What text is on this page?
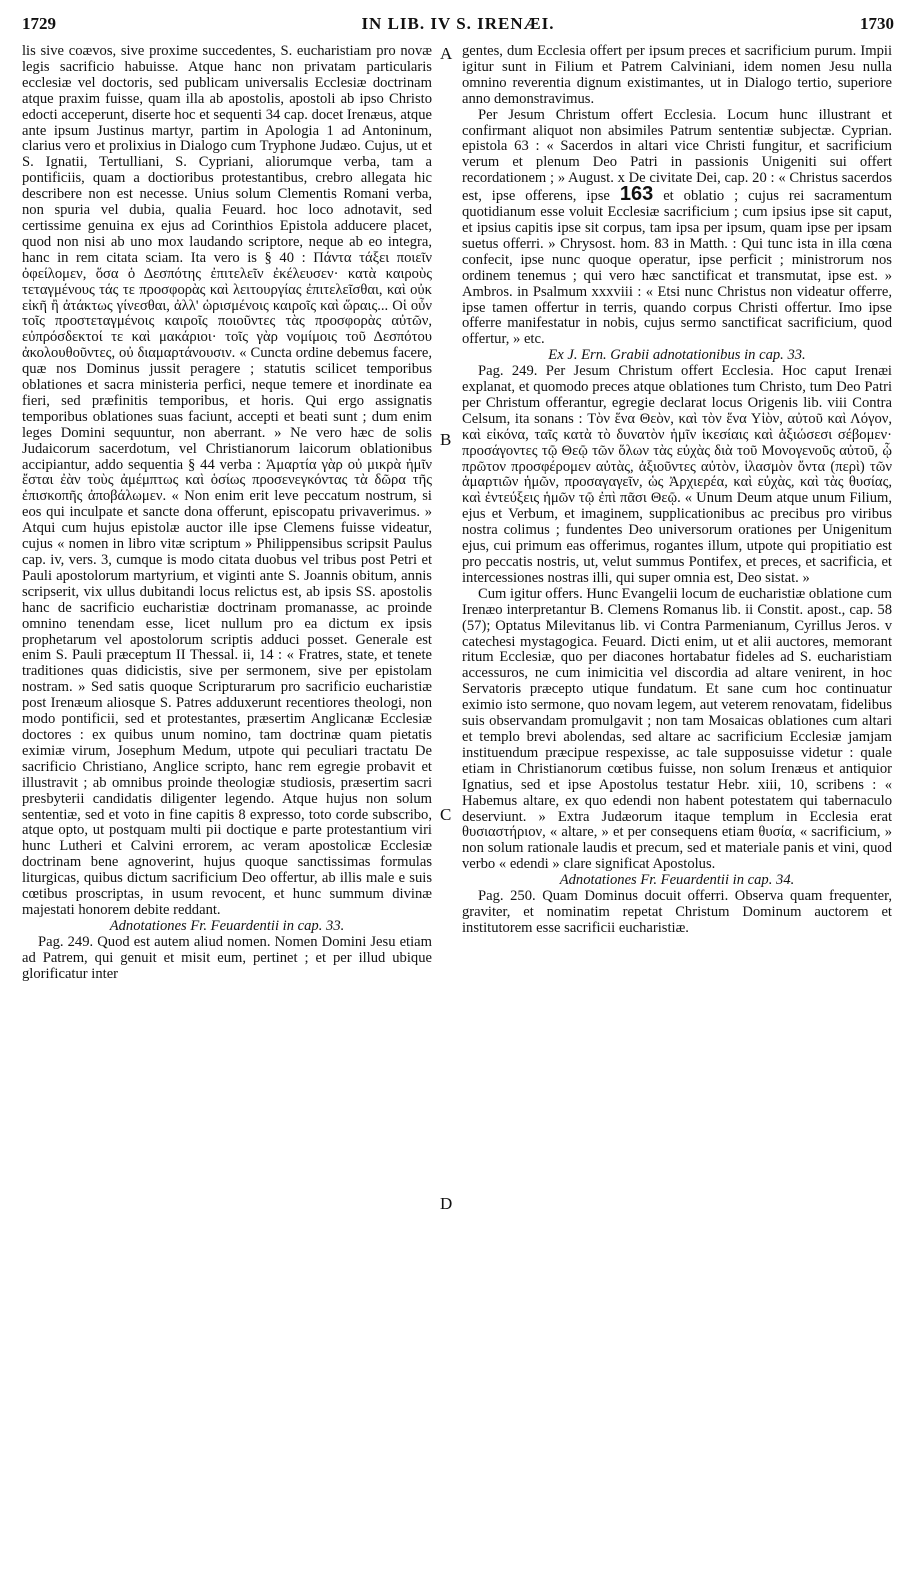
1729	IN LIB. IV S. IRENÆI.	1730
A
B
C
D

lis sive coævos, sive proxime succedentes, S. eucharistiam pro novæ legis sacrificio habuisse. Atque hanc non privatam particularis ecclesiæ vel doctoris, sed publicam universalis Ecclesiæ doctrinam atque praxim fuisse, quam illa ab apostolis, apostoli ab ipso Christo edocti acceperunt, diserte hoc et sequenti 34 cap. docet Irenæus, atque ante ipsum Justinus martyr, partim in Apologia 1 ad Antoninum, clarius vero et prolixius in Dialogo cum Tryphone Judæo. Cujus, ut et S. Ignatii, Tertulliani, S. Cypriani, aliorumque verba, tam a pontificiis, quam a doctioribus protestantibus, crebro allegata hic describere non est necesse. Unius solum Clementis Romani verba, non spuria vel dubia, qualia Feuard. hoc loco adnotavit, sed certissime genuina ex ejus ad Corinthios Epistola adducere placet, quod non nisi ab uno mox laudando scriptore, neque ab eo integra, hanc in rem citata sciam. Ita vero is § 40 : Πάντα τάξει ποιεῖν ὀφείλομεν, ὅσα ὁ Δεσπότης ἐπιτελεῖν ἐκέλευσεν· κατὰ καιροὺς τεταγμένους τάς τε προσφορὰς καὶ λειτουργίας ἐπιτελεῖσθαι, καὶ οὐκ εἰκῆ ἢ ἀτάκτως γίνεσθαι, ἀλλ' ὡρισμένοις καιροῖς καὶ ὥραις... Οἱ οὖν τοῖς προστεταγμένοις καιροῖς ποιοῦντες τὰς προσφορὰς αὐτῶν, εὐπρόσδεκτοί τε καὶ μακάριοι· τοῖς γὰρ νομίμοις τοῦ Δεσπότου ἀκολουθοῦντες, οὐ διαμαρτάνουσιν. « Cuncta ordine debemus facere, quæ nos Dominus jussit peragere ; statutis scilicet temporibus oblationes et sacra ministeria perfici, neque temere et inordinate ea fieri, sed præfinitis temporibus, et horis. Qui ergo assignatis temporibus oblationes suas faciunt, accepti et beati sunt ; dum enim leges Domini sequuntur, non aberrant. » Ne vero hæc de solis Judaicorum sacerdotum, vel Christianorum laicorum oblationibus accipiantur, addo sequentia § 44 verba : Ἁμαρτία γὰρ οὐ μικρὰ ἡμῖν ἔσται ἐὰν τοὺς ἀμέμπτως καὶ ὁσίως προσενεγκόντας τὰ δῶρα τῆς ἐπισκοπῆς ἀποβάλωμεν. « Non enim erit leve peccatum nostrum, si eos qui inculpate et sancte dona offerunt, episcopatu privaverimus. » Atqui cum hujus epistolæ auctor ille ipse Clemens fuisse videatur, cujus « nomen in libro vitæ scriptum » Philippensibus scripsit Paulus cap. iv, vers. 3, cumque is modo citata duobus vel tribus post Petri et Pauli apostolorum martyrium, et viginti ante S. Joannis obitum, annis scripserit, vix ullus dubitandi locus relictus est, ab ipsis SS. apostolis hanc de sacrificio eucharistiæ doctrinam promanasse, ac proinde omnino tenendam esse, licet nullum pro ea dictum ex ipsis prophetarum vel apostolorum scriptis adduci posset. Generale est enim S. Pauli præceptum II Thessal. ii, 14 : « Fratres, state, et tenete traditiones quas didicistis, sive per sermonem, sive per epistolam nostram. » Sed satis quoque Scripturarum pro sacrificio eucharistiæ post Irenæum aliosque S. Patres adduxerunt recentiores theologi, non modo pontificii, sed et protestantes, præsertim Anglicanæ Ecclesiæ doctores : ex quibus unum nomino, tam doctrinæ quam pietatis eximiæ virum, Josephum Medum, utpote qui peculiari tractatu De sacrificio Christiano, Anglice scripto, hanc rem egregie probavit et illustravit ; ab omnibus proinde theologiæ studiosis, præsertim sacri presbyterii candidatis diligenter legendo. Atque hujus non solum sententiæ, sed et voto in fine capitis 8 expresso, toto corde subscribo, atque opto, ut postquam multi pii doctique e parte protestantium viri hunc Lutheri et Calvini errorem, ac veram apostolicæ Ecclesiæ doctrinam bene agnoverint, hujus quoque sanctissimas formulas liturgicas, quibus dictum sacrificium Deo offertur, ab illis male e suis cœtibus proscriptas, in usum revocent, et hunc summum divinæ majestati honorem debite reddant.

Adnotationes Fr. Feuardentii in cap. 33.

Pag. 249. Quod est autem aliud nomen. Nomen Domini Jesu etiam ad Patrem, qui genuit et misit eum, pertinet ; et per illud ubique glorificatur inter

gentes, dum Ecclesia offert per ipsum preces et sacrificium purum. Impii igitur sunt in Filium et Patrem Calviniani, idem nomen Jesu nulla omnino reverentia dignum existimantes, ut in Dialogo tertio, superiore anno demonstravimus.

Per Jesum Christum offert Ecclesia. Locum hunc illustrant et confirmant aliquot non absimiles Patrum sententiæ subjectæ. Cyprian. epistola 63 : « Sacerdos in altari vice Christi fungitur, et sacrificium verum et plenum Deo Patri in passionis Unigeniti sui offert recordationem ; » August. x De civitate Dei, cap. 20 : « Christus sacerdos est, ipse offerens, ipse 163 et oblatio ; cujus rei sacramentum quotidianum esse voluit Ecclesiæ sacrificium ; cum ipsius ipse sit caput, et ipsius capitis ipse sit corpus, tam ipsa per ipsum, quam ipse per ipsam suetus offerri. » Chrysost. hom. 83 in Matth. : Qui tunc ista in illa cœna confecit, ipse nunc quoque operatur, ipse perficit ; ministrorum nos ordinem tenemus ; qui vero hæc sanctificat et transmutat, ipse est. » Ambros. in Psalmum xxxviii : « Etsi nunc Christus non videatur offerre, ipse tamen offertur in terris, quando corpus Christi offertur. Imo ipse offerre manifestatur in nobis, cujus sermo sanctificat sacrificium, quod offertur, » etc.

Ex J. Ern. Grabii adnotationibus in cap. 33.

Pag. 249. Per Jesum Christum offert Ecclesia. Hoc caput Irenæi explanat, et quomodo preces atque oblationes tum Christo, tum Deo Patri per Christum offerantur, egregie declarat locus Origenis lib. viii Contra Celsum, ita sonans : Τὸν ἕνα Θεὸν, καὶ τὸν ἕνα Υἱὸν, αὐτοῦ καὶ Λόγον, καὶ εἰκόνα, ταῖς κατὰ τὸ δυνατὸν ἡμῖν ἱκεσίαις καὶ ἀξιώσεσι σέβομεν· προσάγοντες τῷ Θεῷ τῶν ὅλων τὰς εὐχὰς διὰ τοῦ Μονογενοῦς αὐτοῦ, ᾧ πρῶτον προσφέρομεν αὐτὰς, ἀξιοῦντες αὐτὸν, ἱλασμὸν ὄντα (περὶ) τῶν ἁμαρτιῶν ἡμῶν, προσαγαγεῖν, ὡς Ἀρχιερέα, καὶ εὐχὰς, καὶ τὰς θυσίας, καὶ ἐντεύξεις ἡμῶν τῷ ἐπὶ πᾶσι Θεῷ. « Unum Deum atque unum Filium, ejus et Verbum, et imaginem, supplicationibus ac precibus pro viribus nostra colimus ; fundentes Deo universorum orationes per Unigenitum ejus, cui primum eas offerimus, rogantes illum, utpote qui propitiatio est pro peccatis nostris, ut, velut summus Pontifex, et preces, et sacrificia, et intercessiones nostras illi, qui super omnia est, Deo sistat. »

Cum igitur offers. Hunc Evangelii locum de eucharistiæ oblatione cum Irenæo interpretantur B. Clemens Romanus lib. ii Constit. apost., cap. 58 (57); Optatus Milevitanus lib. vi Contra Parmenianum, Cyrillus Jeros. v catechesi mystagogica. Feuard. Dicti enim, ut et alii auctores, memorant ritum Ecclesiæ, quo per diacones hortabatur fideles ad S. eucharistiam accessuros, ne cum inimicitia vel discordia ad altare venirent, in hoc Servatoris præcepto utique fundatum. Et sane cum hoc continuatur eximio isto sermone, quo novam legem, aut veterem renovatam, fidelibus suis observandam promulgavit ; non tam Mosaicas oblationes cum altari et templo brevi abolendas, sed altare ac sacrificium Ecclesiæ jamjam instituendum præcipue respexisse, ac tale supposuisse videtur : quale etiam in Christianorum cœtibus fuisse, non solum Irenæus et antiquior Ignatius, sed et ipse Apostolus testatur Hebr. xiii, 10, scribens : « Habemus altare, ex quo edendi non habent potestatem qui tabernaculo deserviunt. » Extra Judæorum itaque templum in Ecclesia erat θυσιαστήριον, « altare, » et per consequens etiam θυσία, « sacrificium, » non solum rationale laudis et precum, sed et materiale panis et vini, quod verbo « edendi » clare significat Apostolus.

Adnotationes Fr. Feuardentii in cap. 34.

Pag. 250. Quam Dominus docuit offerri. Observa quam frequenter, graviter, et nominatim repetat Christum Dominum auctorem et institutorem esse sacrificii eucharistiæ.
